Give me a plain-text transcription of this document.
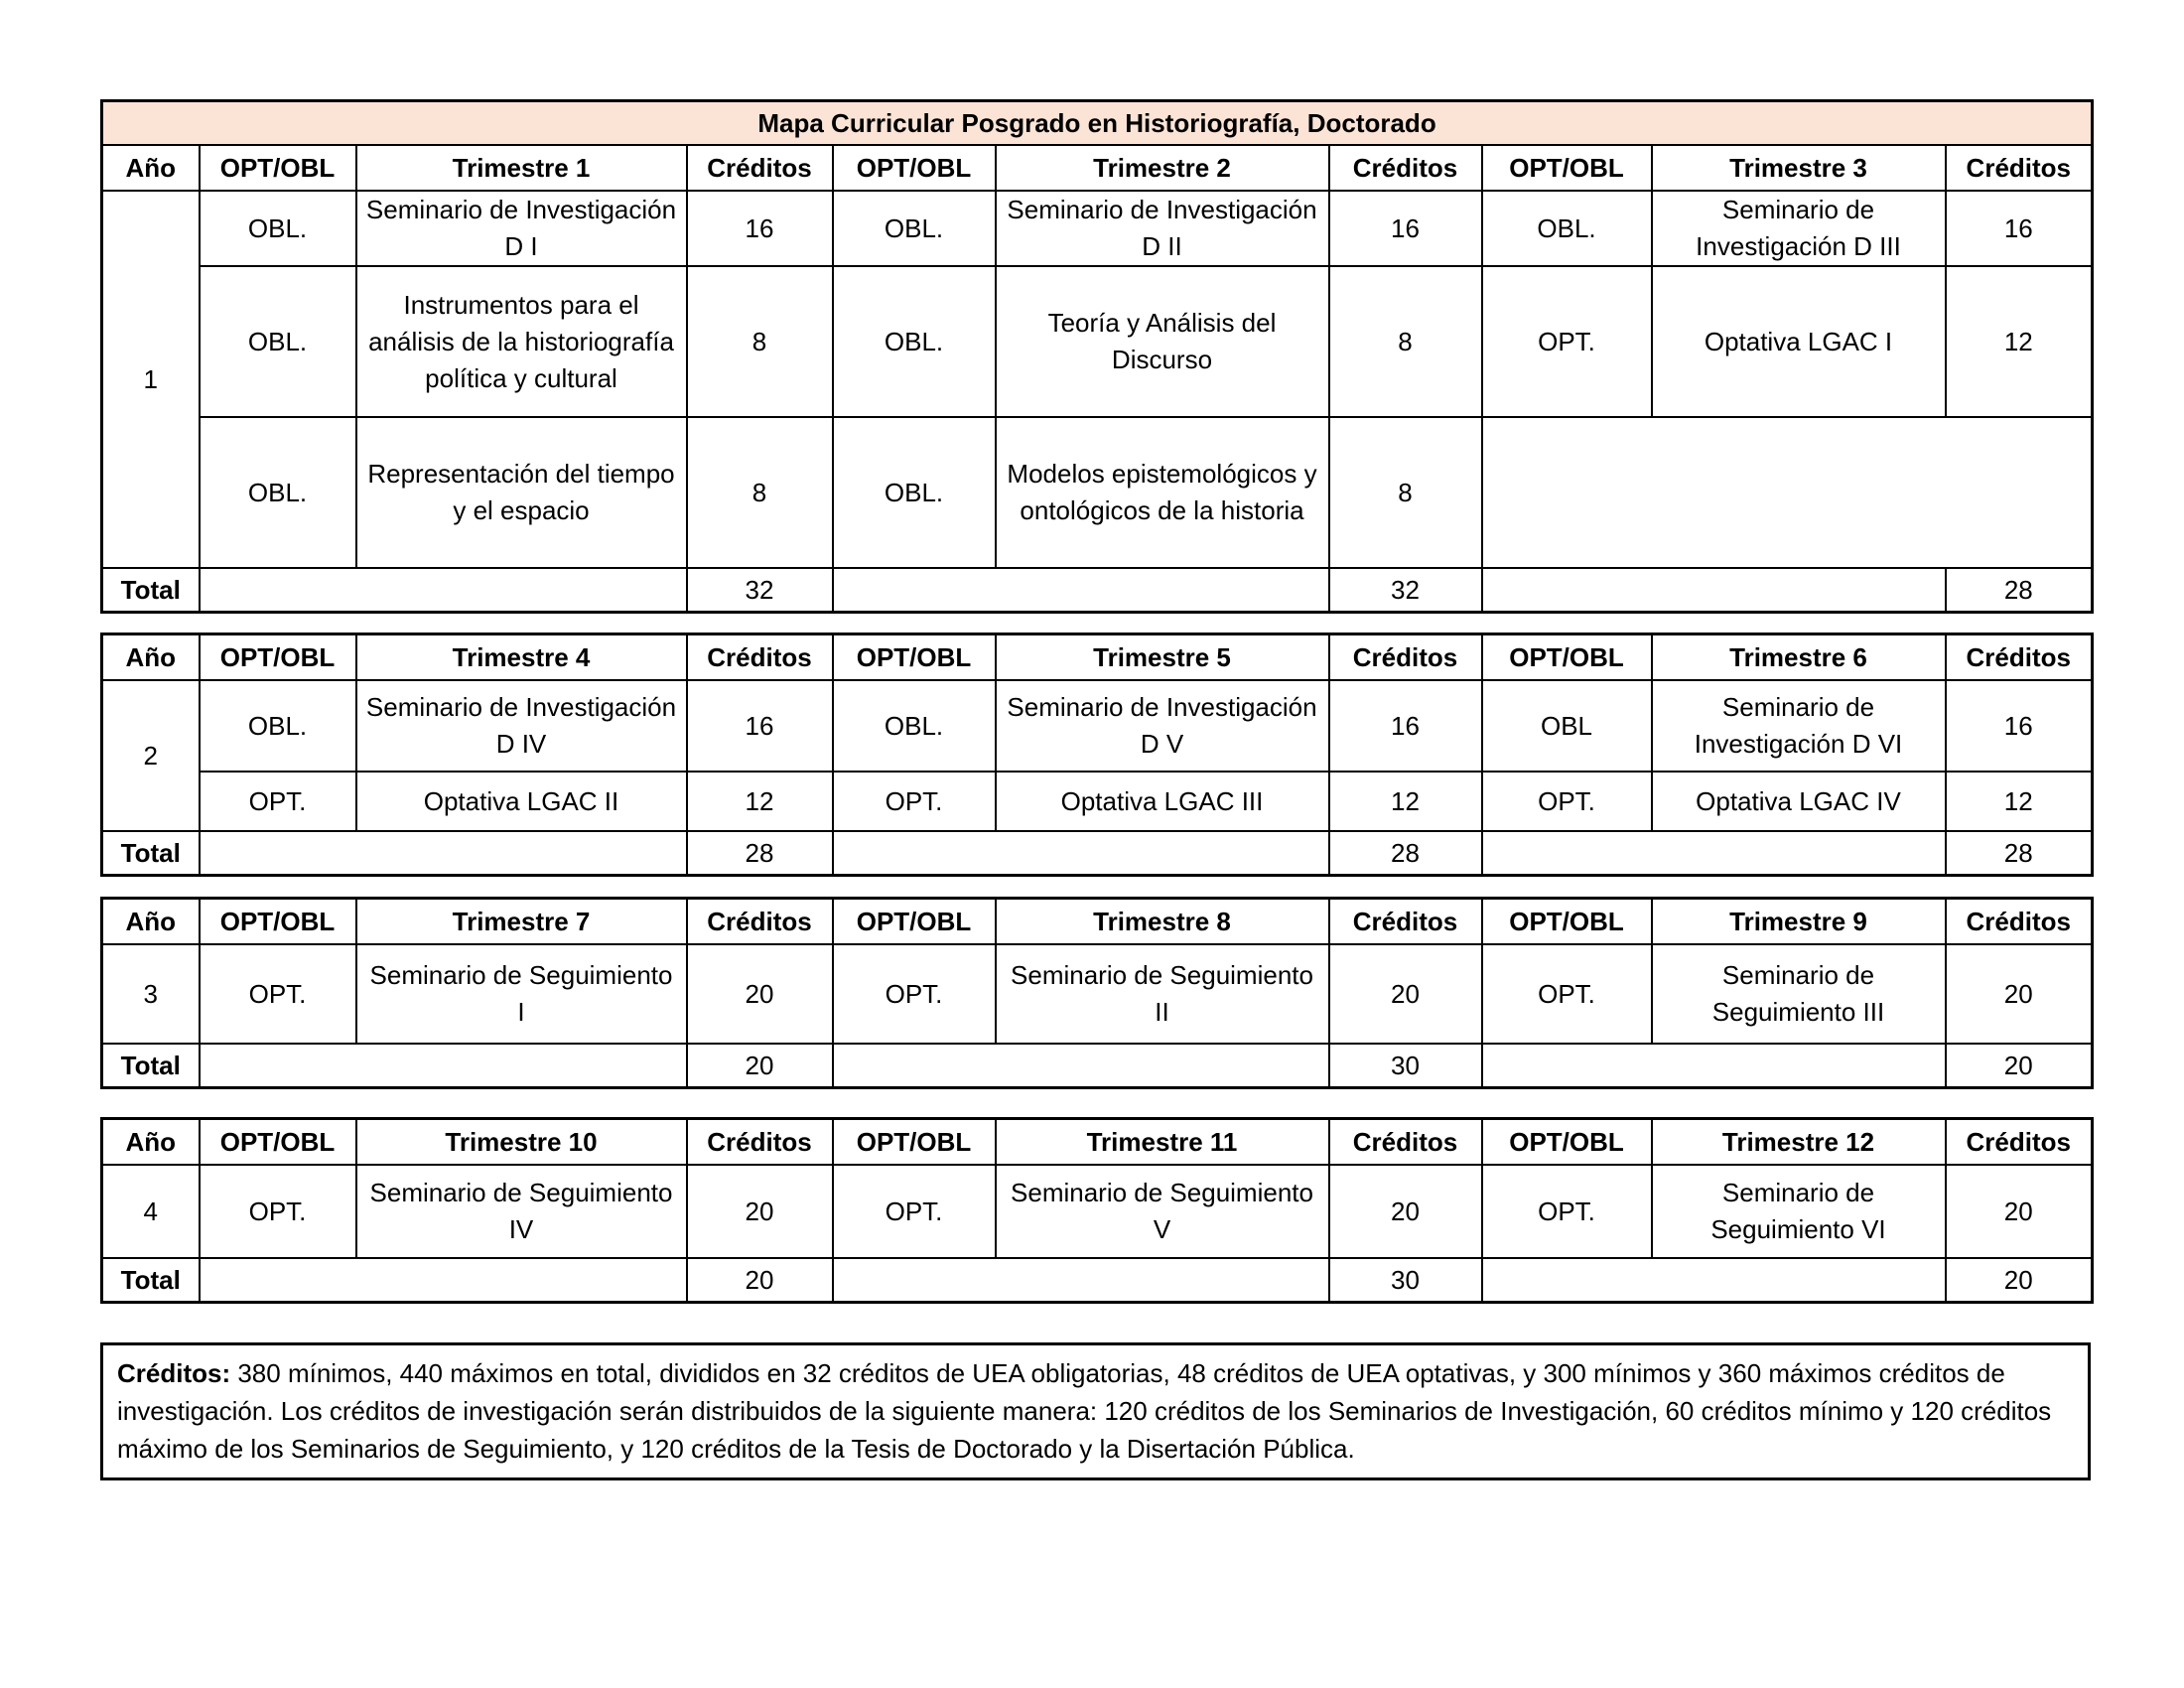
Mapa Curricular Posgrado en Historiografía, Doctorado									
Año	OPT/OBL	Trimestre 1	Créditos	OPT/OBL	Trimestre 2	Créditos	OPT/OBL	Trimestre 3	Créditos
1	OBL.	Seminario de Investigación D I	16	OBL.	Seminario de Investigación D II	16	OBL.	Seminario de Investigación D III	16
	OBL.	Instrumentos para el análisis de la historiografía política y cultural	8	OBL.	Teoría y Análisis del Discurso	8	OPT.	Optativa LGAC I	12
	OBL.	Representación del tiempo y el espacio	8	OBL.	Modelos epistemológicos y ontológicos de la historia	8			
Total			32			32			28
Año	OPT/OBL	Trimestre 4	Créditos	OPT/OBL	Trimestre 5	Créditos	OPT/OBL	Trimestre 6	Créditos
2	OBL.	Seminario de Investigación D IV	16	OBL.	Seminario de Investigación D V	16	OBL	Seminario de Investigación D VI	16
	OPT.	Optativa LGAC II	12	OPT.	Optativa LGAC III	12	OPT.	Optativa LGAC IV	12
Total			28			28			28
Año	OPT/OBL	Trimestre 7	Créditos	OPT/OBL	Trimestre 8	Créditos	OPT/OBL	Trimestre 9	Créditos
3	OPT.	Seminario de Seguimiento I	20	OPT.	Seminario de Seguimiento II	20	OPT.	Seminario de Seguimiento III	20
Total			20			30			20
Año	OPT/OBL	Trimestre 10	Créditos	OPT/OBL	Trimestre 11	Créditos	OPT/OBL	Trimestre 12	Créditos
4	OPT.	Seminario de Seguimiento IV	20	OPT.	Seminario de Seguimiento V	20	OPT.	Seminario de Seguimiento VI	20
Total			20			30			20
Créditos: 380 mínimos, 440 máximos en total, divididos en 32 créditos de UEA obligatorias, 48 créditos de UEA optativas, y 300 mínimos y 360 máximos créditos de investigación. Los créditos de investigación serán distribuidos de la siguiente manera: 120 créditos de los Seminarios de Investigación, 60 créditos mínimo y 120 créditos máximo de los Seminarios de Seguimiento, y 120 créditos de la Tesis de Doctorado y la Disertación Pública.
